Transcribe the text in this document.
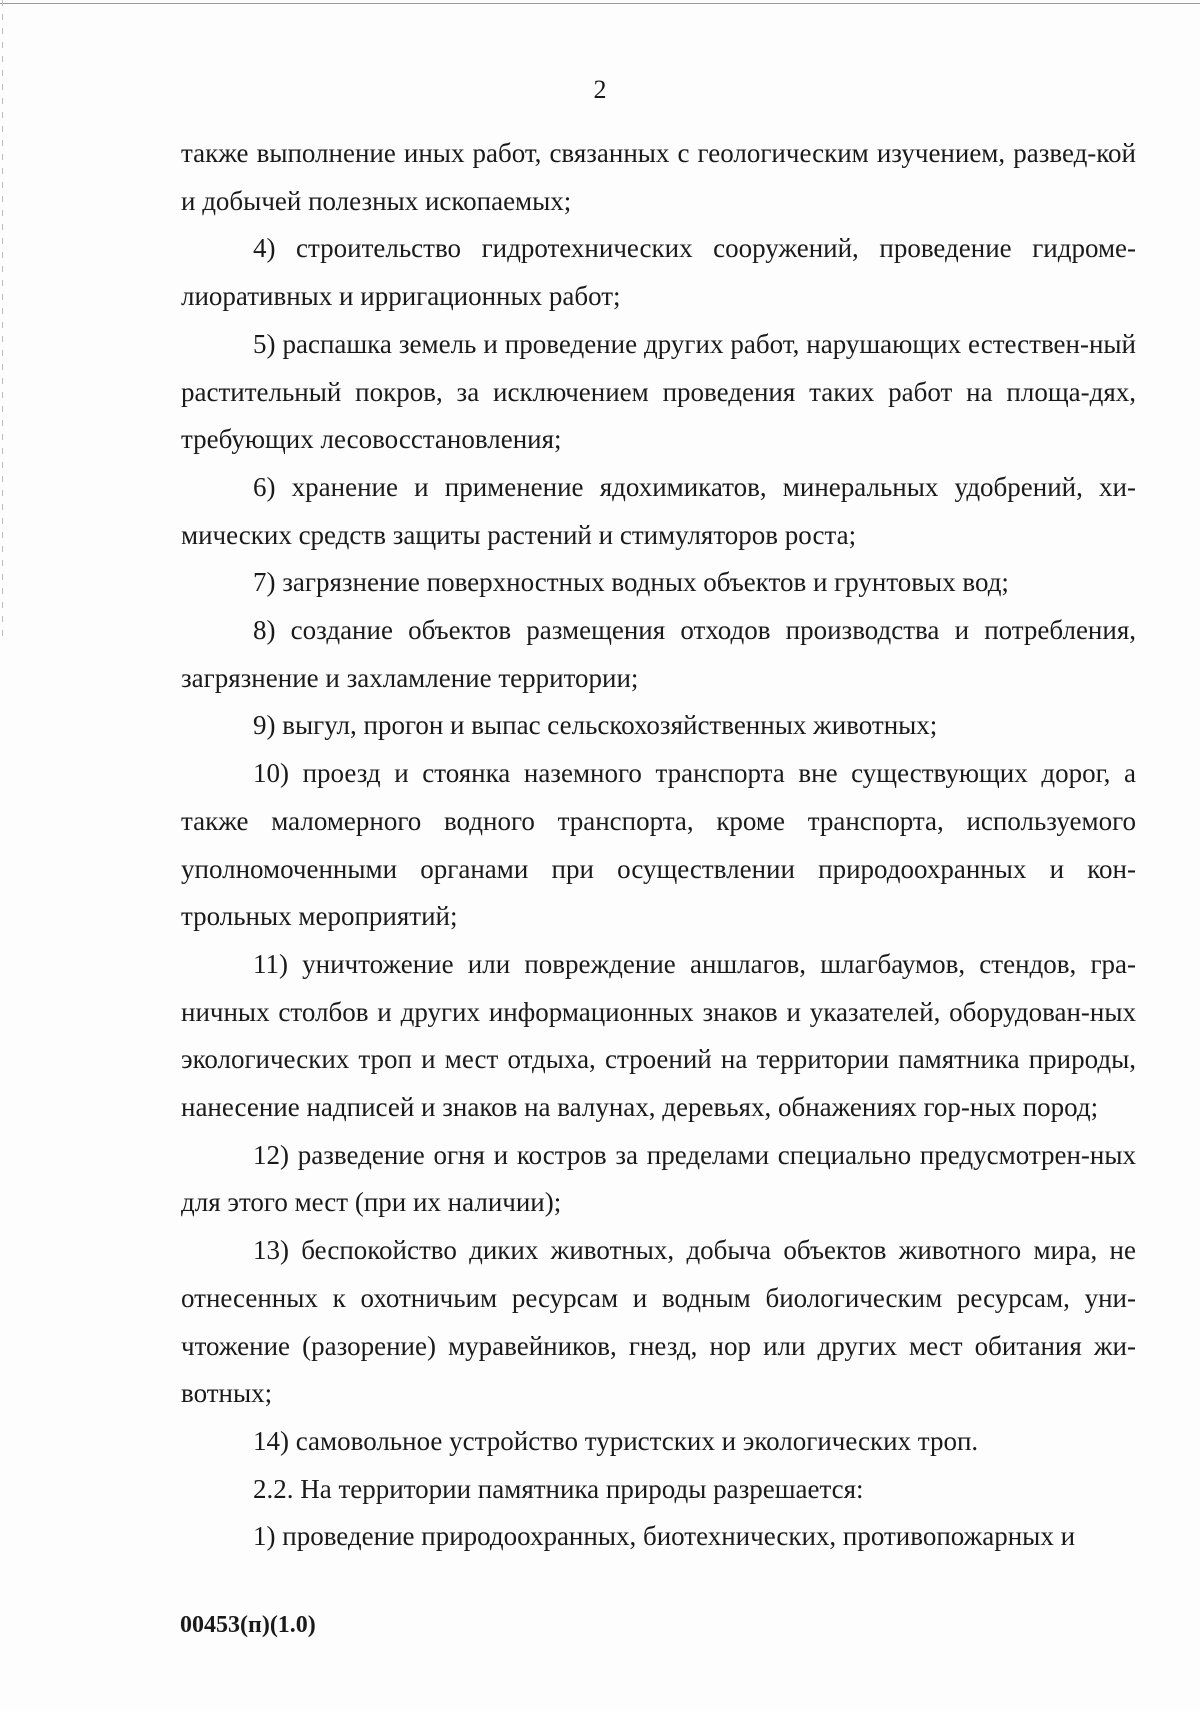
2

также выполнение иных работ, связанных с геологическим изучением, развед-кой и добычей полезных ископаемых;

4) строительство гидротехнических сооружений, проведение гидроме-лиоративных и ирригационных работ;

5) распашка земель и проведение других работ, нарушающих естествен-ный растительный покров, за исключением проведения таких работ на площа-дях, требующих лесовосстановления;

6) хранение и применение ядохимикатов, минеральных удобрений, хи-мических средств защиты растений и стимуляторов роста;

7) загрязнение поверхностных водных объектов и грунтовых вод;

8) создание объектов размещения отходов производства и потребления, загрязнение и захламление территории;

9) выгул, прогон и выпас сельскохозяйственных животных;

10) проезд и стоянка наземного транспорта вне существующих дорог, а также маломерного водного транспорта, кроме транспорта, используемого уполномоченными органами при осуществлении природоохранных и кон-трольных мероприятий;

11) уничтожение или повреждение аншлагов, шлагбаумов, стендов, гра-ничных столбов и других информационных знаков и указателей, оборудован-ных экологических троп и мест отдыха, строений на территории памятника природы, нанесение надписей и знаков на валунах, деревьях, обнажениях гор-ных пород;

12) разведение огня и костров за пределами специально предусмотрен-ных для этого мест (при их наличии);

13) беспокойство диких животных, добыча объектов животного мира, не отнесенных к охотничьим ресурсам и водным биологическим ресурсам, уни-чтожение (разорение) муравейников, гнезд, нор или других мест обитания жи-вотных;

14) самовольное устройство туристских и экологических троп.

2.2. На территории памятника природы разрешается:

1) проведение природоохранных, биотехнических, противопожарных и

00453(п)(1.0)
